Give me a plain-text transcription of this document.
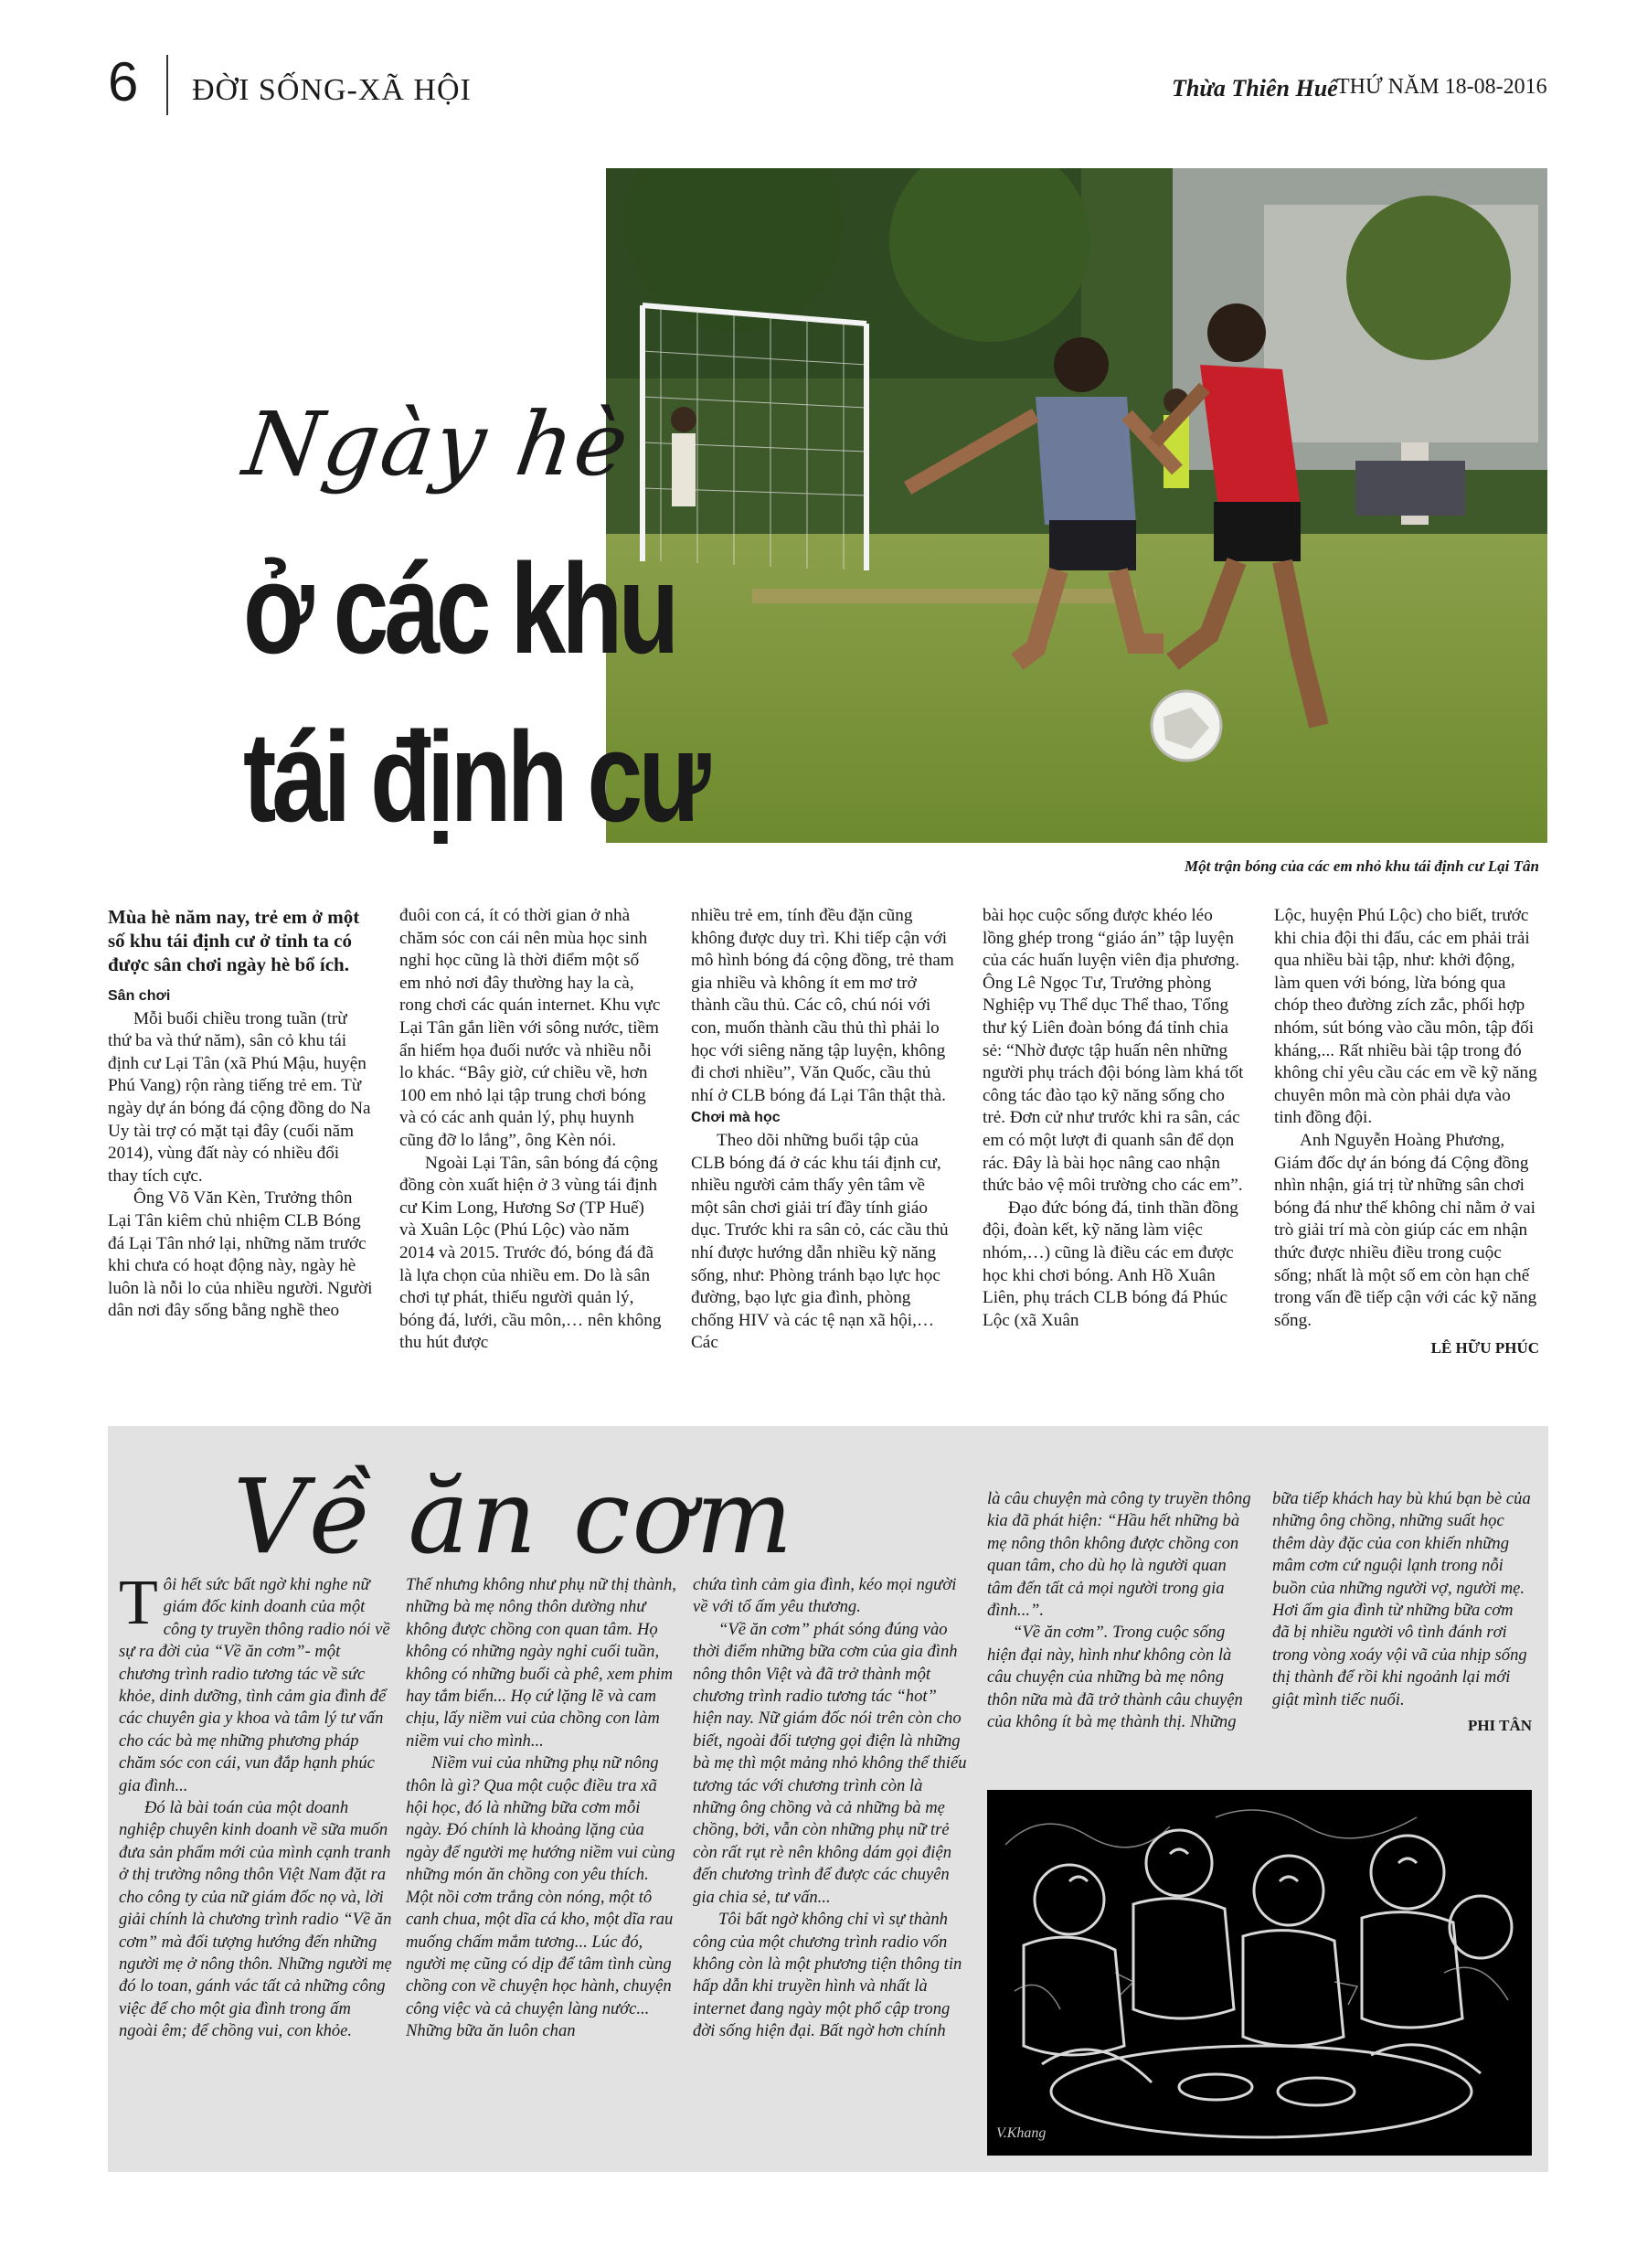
6 ĐỜI SỐNG-XÃ HỘI	Thừa Thiên Huế
THỨ NĂM 18-08-2016
Một trận bóng của các em nhỏ khu tái định cư Lại Tân
Ngày hè
ở các khu
tái định cư

Mùa hè năm nay, trẻ em ở một số khu tái định cư ở tỉnh ta có được sân chơi ngày hè bổ ích.

Sân chơi

Mỗi buổi chiều trong tuần (trừ thứ ba và thứ năm), sân cỏ khu tái định cư Lại Tân (xã Phú Mậu, huyện Phú Vang) rộn ràng tiếng trẻ em. Từ ngày dự án bóng đá cộng đồng do Na Uy tài trợ có mặt tại đây (cuối năm 2014), vùng đất này có nhiều đổi thay tích cực.

Ông Võ Văn Kèn, Trưởng thôn Lại Tân kiêm chủ nhiệm CLB Bóng đá Lại Tân nhớ lại, những năm trước khi chưa có hoạt động này, ngày hè luôn là nỗi lo của nhiều người. Người dân nơi đây sống bằng nghề theo

đuôi con cá, ít có thời gian ở nhà chăm sóc con cái nên mùa học sinh nghỉ học cũng là thời điểm một số em nhỏ nơi đây thường hay la cà, rong chơi các quán internet. Khu vực Lại Tân gắn liền với sông nước, tiềm ẩn hiểm họa đuối nước và nhiều nỗi lo khác. “Bây giờ, cứ chiều về, hơn 100 em nhỏ lại tập trung chơi bóng và có các anh quản lý, phụ huynh cũng đỡ lo lắng”, ông Kèn nói.

Ngoài Lại Tân, sân bóng đá cộng đồng còn xuất hiện ở 3 vùng tái định cư Kim Long, Hương Sơ (TP Huế) và Xuân Lộc (Phú Lộc) vào năm 2014 và 2015. Trước đó, bóng đá đã là lựa chọn của nhiều em. Do là sân chơi tự phát, thiếu người quản lý, bóng đá, lưới, cầu môn,… nên không thu hút được

nhiều trẻ em, tính đều đặn cũng không được duy trì. Khi tiếp cận với mô hình bóng đá cộng đồng, trẻ tham gia nhiều và không ít em mơ trở thành cầu thủ. Các cô, chú nói với con, muốn thành cầu thủ thì phải lo học với siêng năng tập luyện, không đi chơi nhiều”, Văn Quốc, cầu thủ nhí ở CLB bóng đá Lại Tân thật thà.

Chơi mà học

Theo dõi những buổi tập của CLB bóng đá ở các khu tái định cư, nhiều người cảm thấy yên tâm về một sân chơi giải trí đầy tính giáo dục. Trước khi ra sân cỏ, các cầu thủ nhí được hướng dẫn nhiều kỹ năng sống, như: Phòng tránh bạo lực học đường, bạo lực gia đình, phòng chống HIV và các tệ nạn xã hội,… Các

bài học cuộc sống được khéo léo lồng ghép trong “giáo án” tập luyện của các huấn luyện viên địa phương. Ông Lê Ngọc Tư, Trưởng phòng Nghiệp vụ Thể dục Thể thao, Tổng thư ký Liên đoàn bóng đá tỉnh chia sẻ: “Nhờ được tập huấn nên những người phụ trách đội bóng làm khá tốt công tác đào tạo kỹ năng sống cho trẻ. Đơn cử như trước khi ra sân, các em có một lượt đi quanh sân để dọn rác. Đây là bài học nâng cao nhận thức bảo vệ môi trường cho các em”.

Đạo đức bóng đá, tinh thần đồng đội, đoàn kết, kỹ năng làm việc nhóm,…) cũng là điều các em được học khi chơi bóng. Anh Hồ Xuân Liên, phụ trách CLB bóng đá Phúc Lộc (xã Xuân

Lộc, huyện Phú Lộc) cho biết, trước khi chia đội thi đấu, các em phải trải qua nhiều bài tập, như: khởi động, làm quen với bóng, lừa bóng qua chóp theo đường zích zắc, phối hợp nhóm, sút bóng vào cầu môn, tập đối kháng,... Rất nhiều bài tập trong đó không chỉ yêu cầu các em về kỹ năng chuyên môn mà còn phải dựa vào tinh đồng đội.

Anh Nguyễn Hoàng Phương, Giám đốc dự án bóng đá Cộng đồng nhìn nhận, giá trị từ những sân chơi bóng đá như thế không chỉ nằm ở vai trò giải trí mà còn giúp các em nhận thức được nhiều điều trong cuộc sống; nhất là một số em còn hạn chế trong vấn đề tiếp cận với các kỹ năng sống.

LÊ HỮU PHÚC

Về ăn cơm

Tôi hết sức bất ngờ khi nghe nữ giám đốc kinh doanh của một công ty truyền thông radio nói về sự ra đời của “Về ăn cơm”- một chương trình radio tương tác về sức khỏe, dinh dưỡng, tình cảm gia đình để các chuyên gia y khoa và tâm lý tư vấn cho các bà mẹ những phương pháp chăm sóc con cái, vun đắp hạnh phúc gia đình...

Đó là bài toán của một doanh nghiệp chuyên kinh doanh về sữa muốn đưa sản phẩm mới của mình cạnh tranh ở thị trường nông thôn Việt Nam đặt ra cho công ty của nữ giám đốc nọ và, lời giải chính là chương trình radio “Về ăn cơm” mà đối tượng hướng đến những người mẹ ở nông thôn. Những người mẹ đó lo toan, gánh vác tất cả những công việc để cho một gia đình trong ấm ngoài êm; để chồng vui, con khỏe.

Thế nhưng không như phụ nữ thị thành, những bà mẹ nông thôn dường như không được chồng con quan tâm. Họ không có những ngày nghỉ cuối tuần, không có những buổi cà phê, xem phim hay tắm biển... Họ cứ lặng lẽ và cam chịu, lấy niềm vui của chồng con làm niềm vui cho mình...

Niềm vui của những phụ nữ nông thôn là gì? Qua một cuộc điều tra xã hội học, đó là những bữa cơm mỗi ngày. Đó chính là khoảng lặng của ngày để người mẹ hướng niềm vui cùng những món ăn chồng con yêu thích. Một nồi cơm trắng còn nóng, một tô canh chua, một dĩa cá kho, một dĩa rau muống chấm mắm tương... Lúc đó, người mẹ cũng có dịp để tâm tình cùng chồng con về chuyện học hành, chuyện công việc và cả chuyện làng nước... Những bữa ăn luôn chan

chứa tình cảm gia đình, kéo mọi người về với tổ ấm yêu thương.

“Về ăn cơm” phát sóng đúng vào thời điểm những bữa cơm của gia đình nông thôn Việt và đã trở thành một chương trình radio tương tác “hot” hiện nay. Nữ giám đốc nói trên còn cho biết, ngoài đối tượng gọi điện là những bà mẹ thì một mảng nhỏ không thể thiếu tương tác với chương trình còn là những ông chồng và cả những bà mẹ chồng, bởi, vẫn còn những phụ nữ trẻ còn rất rụt rè nên không dám gọi điện đến chương trình để được các chuyên gia chia sẻ, tư vấn...

Tôi bất ngờ không chỉ vì sự thành công của một chương trình radio vốn không còn là một phương tiện thông tin hấp dẫn khi truyền hình và nhất là internet đang ngày một phổ cập trong đời sống hiện đại. Bất ngờ hơn chính

là câu chuyện mà công ty truyền thông kia đã phát hiện: “Hầu hết những bà mẹ nông thôn không được chồng con quan tâm, cho dù họ là người quan tâm đến tất cả mọi người trong gia đình...”.

“Về ăn cơm”. Trong cuộc sống hiện đại này, hình như không còn là câu chuyện của những bà mẹ nông thôn nữa mà đã trở thành câu chuyện của không ít bà mẹ thành thị. Những

bữa tiếp khách hay bù khú bạn bè của những ông chồng, những suất học thêm dày đặc của con khiến những mâm cơm cứ nguội lạnh trong nỗi buồn của những người vợ, người mẹ. Hơi ấm gia đình từ những bữa cơm đã bị nhiều người vô tình đánh rơi trong vòng xoáy vội vã của nhịp sống thị thành để rồi khi ngoảnh lại mới giật mình tiếc nuối.

PHI TÂN

V.Khang
